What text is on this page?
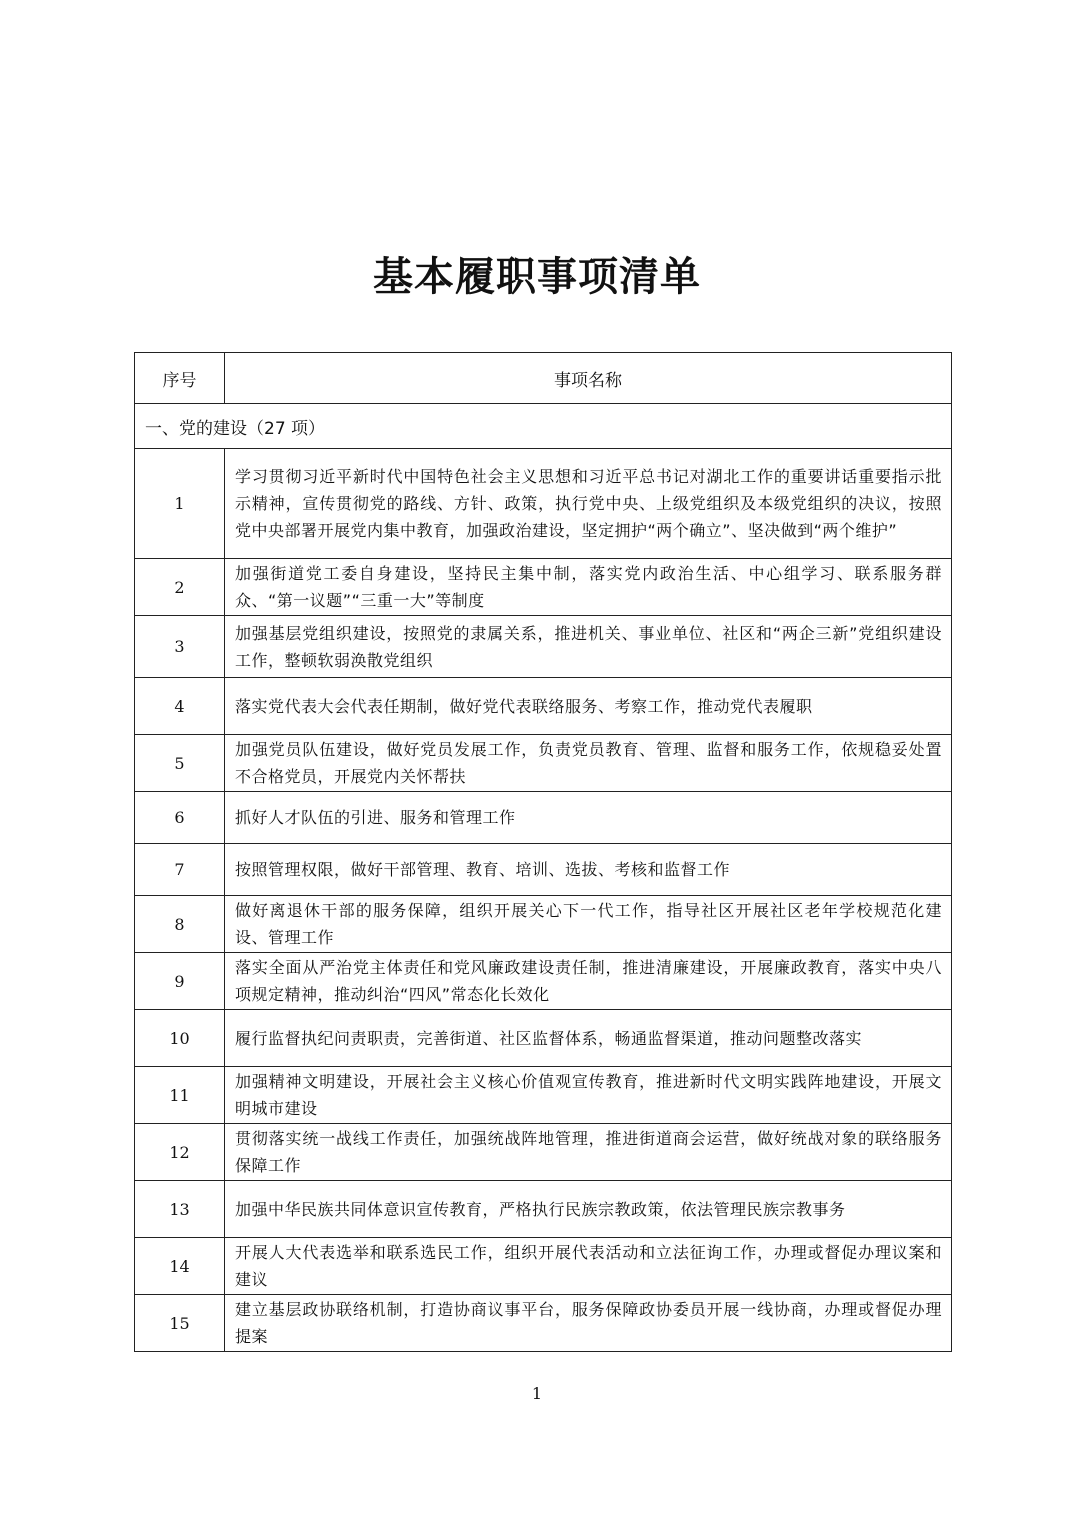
基本履职事项清单
序号	事项名称
一、党的建设（27 项）	
1	学习贯彻习近平新时代中国特色社会主义思想和习近平总书记对湖北工作的重要讲话重要指示批示精神，宣传贯彻党的路线、方针、政策，执行党中央、上级党组织及本级党组织的决议，按照党中央部署开展党内集中教育，加强政治建设，坚定拥护“两个确立”、坚决做到“两个维护”
2	加强街道党工委自身建设，坚持民主集中制，落实党内政治生活、中心组学习、联系服务群众、“第一议题”“三重一大”等制度
3	加强基层党组织建设，按照党的隶属关系，推进机关、事业单位、社区和“两企三新”党组织建设工作，整顿软弱涣散党组织
4	落实党代表大会代表任期制，做好党代表联络服务、考察工作，推动党代表履职
5	加强党员队伍建设，做好党员发展工作，负责党员教育、管理、监督和服务工作，依规稳妥处置不合格党员，开展党内关怀帮扶
6	抓好人才队伍的引进、服务和管理工作
7	按照管理权限，做好干部管理、教育、培训、选拔、考核和监督工作
8	做好离退休干部的服务保障，组织开展关心下一代工作，指导社区开展社区老年学校规范化建设、管理工作
9	落实全面从严治党主体责任和党风廉政建设责任制，推进清廉建设，开展廉政教育，落实中央八项规定精神，推动纠治“四风”常态化长效化
10	履行监督执纪问责职责，完善街道、社区监督体系，畅通监督渠道，推动问题整改落实
11	加强精神文明建设，开展社会主义核心价值观宣传教育，推进新时代文明实践阵地建设，开展文明城市建设
12	贯彻落实统一战线工作责任，加强统战阵地管理，推进街道商会运营，做好统战对象的联络服务保障工作
13	加强中华民族共同体意识宣传教育，严格执行民族宗教政策，依法管理民族宗教事务
14	开展人大代表选举和联系选民工作，组织开展代表活动和立法征询工作，办理或督促办理议案和建议
15	建立基层政协联络机制，打造协商议事平台，服务保障政协委员开展一线协商，办理或督促办理提案
1
